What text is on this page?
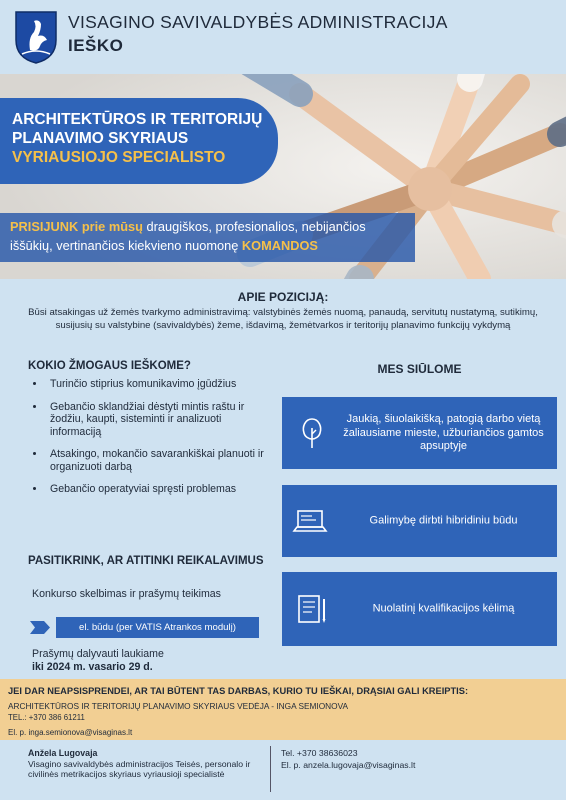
VISAGINO SAVIVALDYBĖS ADMINISTRACIJA
IEŠKO
ARCHITEKTŪROS IR TERITORIJŲ
PLANAVIMO SKYRIAUS
VYRIAUSIOJO SPECIALISTO
PRISIJUNK prie mūsų draugiškos, profesionalios, nebijančios iššūkių, vertinančios kiekvieno nuomonę KOMANDOS
APIE POZICIJĄ:
Būsi atsakingas už žemės tvarkymo administravimą: valstybinės žemės nuomą, panaudą, servitutų nustatymą, sutikimų, susijusių su valstybine (savivaldybės) žeme, išdavimą, žemėtvarkos ir teritorijų planavimo funkcijų vykdymą
KOKIO ŽMOGAUS IEŠKOME?
• Turinčio stiprius komunikavimo įgūdžius
• Gebančio sklandžiai dėstyti mintis raštu ir žodžiu, kaupti, sisteminti ir analizuoti informaciją
• Atsakingo, mokančio savarankiškai planuoti ir organizuoti darbą
• Gebančio operatyviai spręsti problemas
PASITIKRINK, AR ATITINKI REIKALAVIMUS
Konkurso skelbimas ir prašymų teikimas
el. būdu (per VATIS Atrankos modulį)
Prašymų dalyvauti laukiame
iki 2024 m. vasario 29 d.
MES SIŪLOME
Jaukią, šiuolaikišką, patogią darbo vietą žaliausiame mieste, užburiančios gamtos apsuptyje
Galimybę dirbti hibridiniu būdu
Nuolatinį kvalifikacijos kėlimą
JEI DAR NEAPSISPRENDEI, AR TAI BŪTENT TAS DARBAS, KURIO TU IEŠKAI, DRĄSIAI GALI KREIPTIS:
ARCHITEKTŪROS IR TERITORIJŲ PLANAVIMO SKYRIAUS VEDĖJA - INGA SEMIONOVA
TEL.: +370 386 61211
El. p. inga.semionova@visaginas.lt
Anželа Lugovaja
Visagino savivaldybės administracijos Teisės, personalo ir civilinės metrikacijos skyriaus vyriausioji specialistė
Tel. +370 38636023
El. p. anzela.lugovaja@visaginas.lt
